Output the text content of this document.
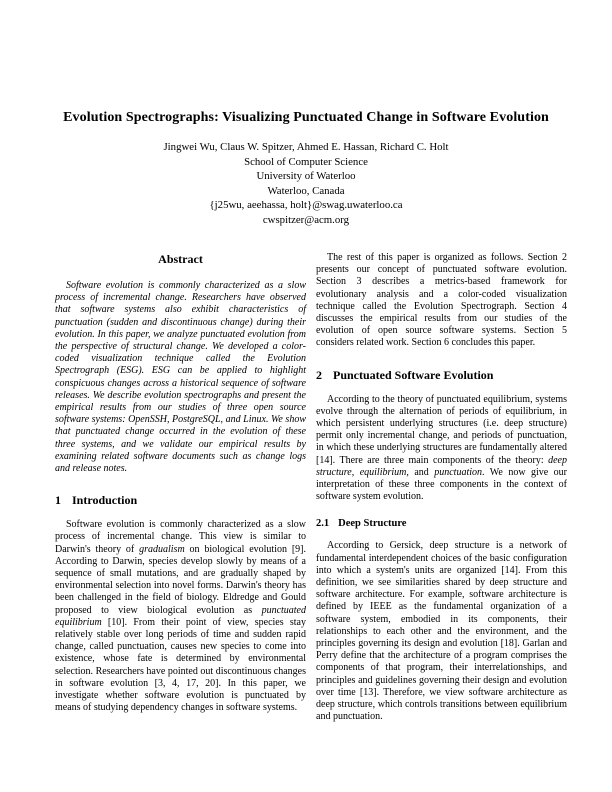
Evolution Spectrographs: Visualizing Punctuated Change in Software Evolution
Jingwei Wu, Claus W. Spitzer, Ahmed E. Hassan, Richard C. Holt
School of Computer Science
University of Waterloo
Waterloo, Canada
{j25wu, aeehassa, holt}@swag.uwaterloo.ca
cwspitzer@acm.org
Abstract

Software evolution is commonly characterized as a slow process of incremental change. Researchers have observed that software systems also exhibit characteristics of punctuation (sudden and discontinuous change) during their evolution. In this paper, we analyze punctuated evolution from the perspective of structural change. We developed a color-coded visualization technique called the Evolution Spectrograph (ESG). ESG can be applied to highlight conspicuous changes across a historical sequence of software releases. We describe evolution spectrographs and present the empirical results from our studies of three open source software systems: OpenSSH, PostgreSQL, and Linux. We show that punctuated change occurred in the evolution of these three systems, and we validate our empirical results by examining related software documents such as change logs and release notes.

1 Introduction

Software evolution is commonly characterized as a slow process of incremental change. This view is similar to Darwin's theory of gradualism on biological evolution [9]. According to Darwin, species develop slowly by means of a sequence of small mutations, and are gradually shaped by environmental selection into novel forms. Darwin's theory has been challenged in the field of biology. Eldredge and Gould proposed to view biological evolution as punctuated equilibrium [10]. From their point of view, species stay relatively stable over long periods of time and sudden rapid change, called punctuation, causes new species to come into existence, whose fate is determined by environmental selection. Researchers have pointed out discontinuous changes in software evolution [3, 4, 17, 20]. In this paper, we investigate whether software evolution is punctuated by means of studying dependency changes in software systems.

The rest of this paper is organized as follows. Section 2 presents our concept of punctuated software evolution. Section 3 describes a metrics-based framework for evolutionary analysis and a color-coded visualization technique called the Evolution Spectrograph. Section 4 discusses the empirical results from our studies of the evolution of open source software systems. Section 5 considers related work. Section 6 concludes this paper.

2 Punctuated Software Evolution

According to the theory of punctuated equilibrium, systems evolve through the alternation of periods of equilibrium, in which persistent underlying structures (i.e. deep structure) permit only incremental change, and periods of punctuation, in which these underlying structures are fundamentally altered [14]. There are three main components of the theory: deep structure, equilibrium, and punctuation. We now give our interpretation of these three components in the context of software system evolution.

2.1 Deep Structure

According to Gersick, deep structure is a network of fundamental interdependent choices of the basic configuration into which a system's units are organized [14]. From this definition, we see similarities shared by deep structure and software architecture. For example, software architecture is defined by IEEE as the fundamental organization of a software system, embodied in its components, their relationships to each other and the environment, and the principles governing its design and evolution [18]. Garlan and Perry define that the architecture of a program comprises the components of that program, their interrelationships, and principles and guidelines governing their design and evolution over time [13]. Therefore, we view software architecture as deep structure, which controls transitions between equilibrium and punctuation.
